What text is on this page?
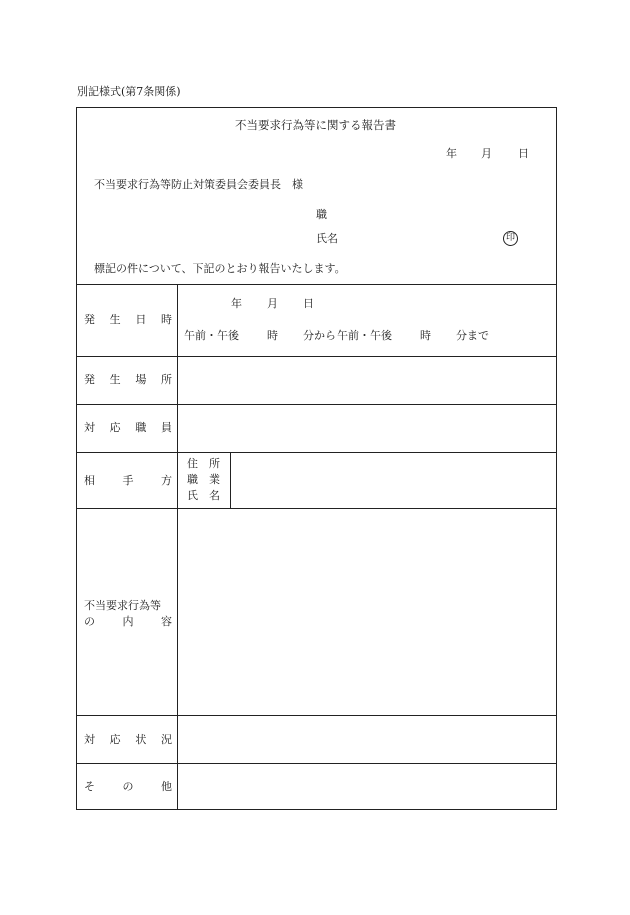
別記様式(第7条関係)
不当要求行為等に関する報告書
年 月 日
不当要求行為等防止対策委員会委員長　様
職
氏名	印
標記の件について、下記のとおり報告いたします。
発 生 日 時
年 月 日
午前・午後	時 分から 午前・午後	時 分まで
発 生 場 所
対 応 職 員
相	手	方
住 所
職 業
氏 名
不当要求行為等
の	内	容
対 応 状 況
そ	の	他
